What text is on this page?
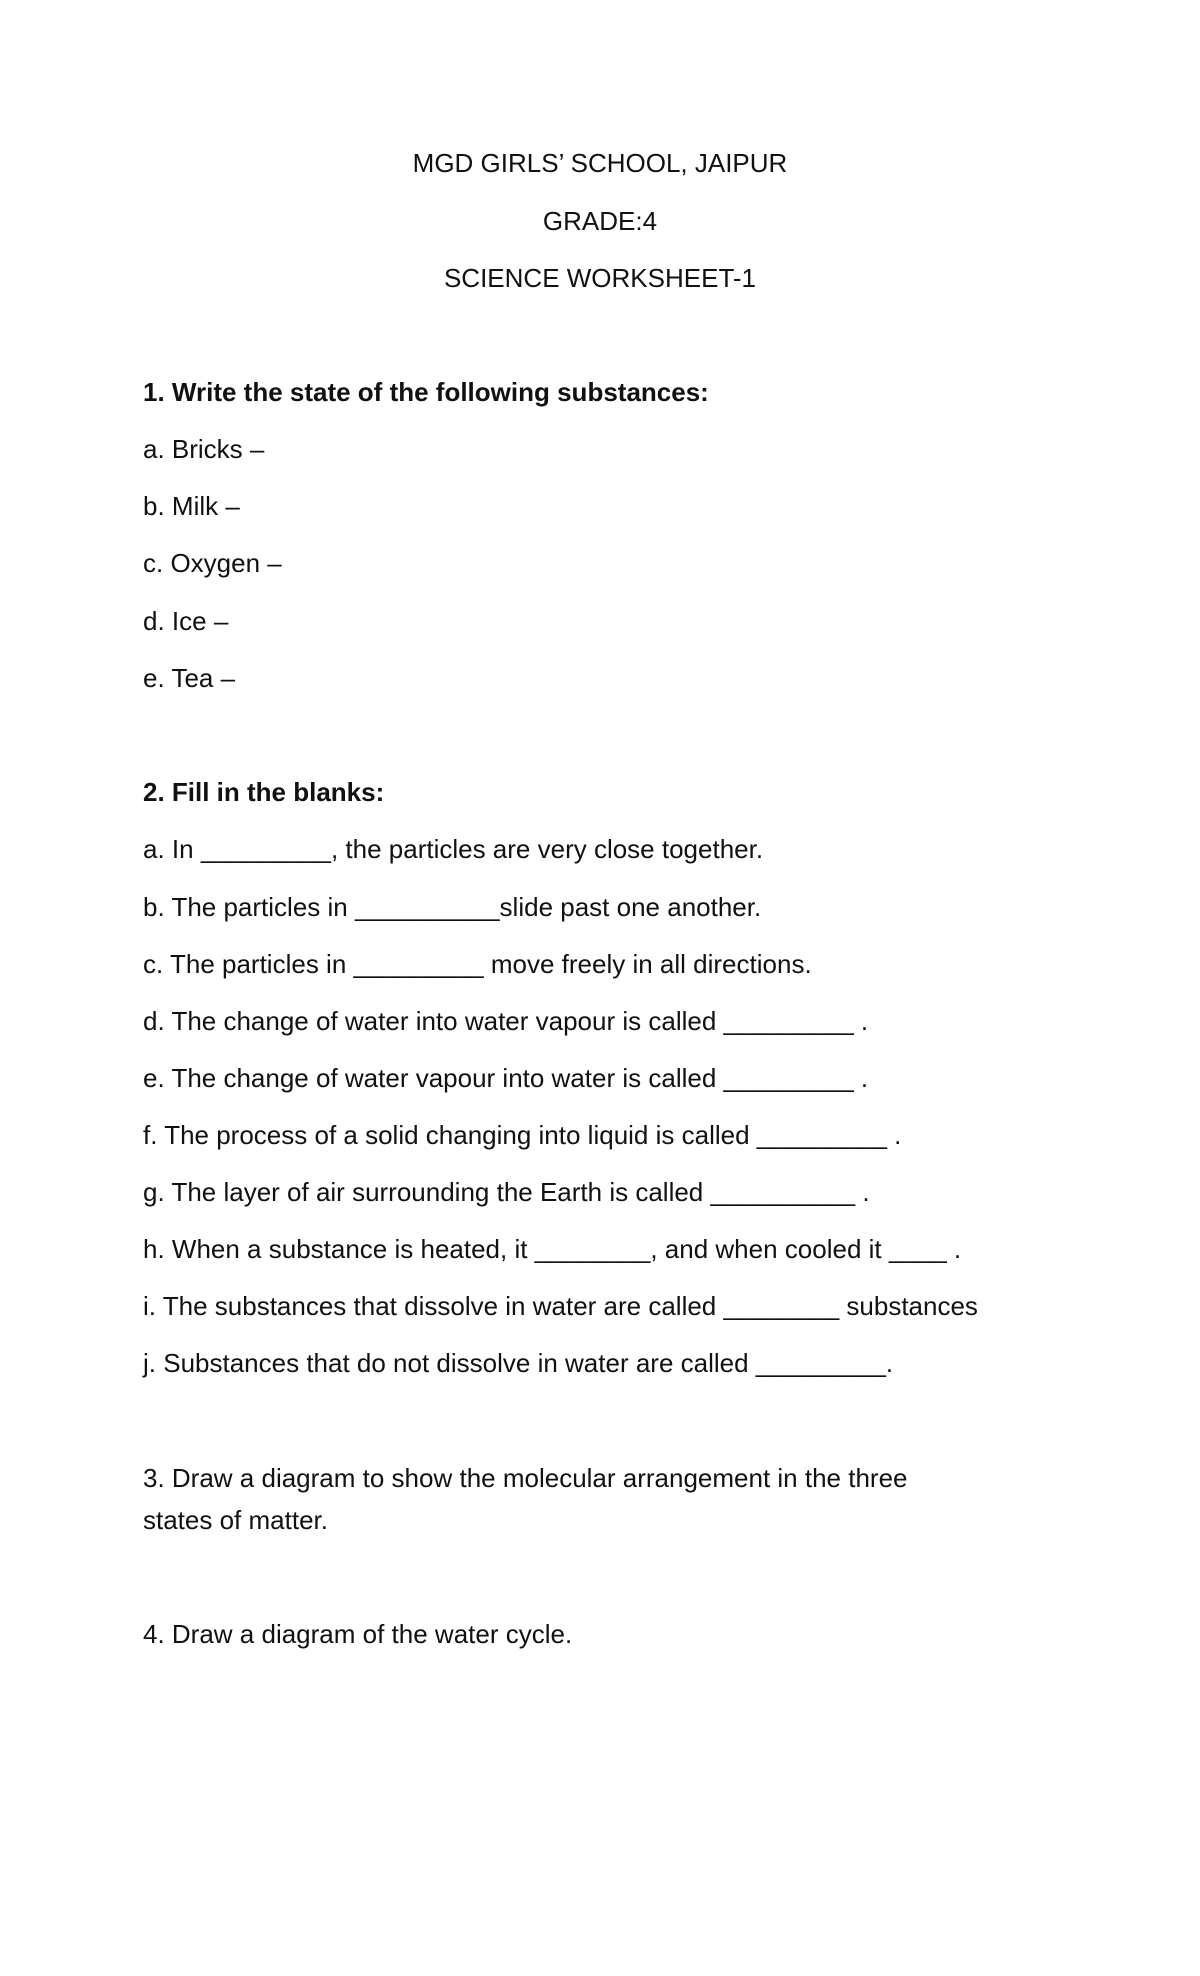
MGD GIRLS’ SCHOOL, JAIPUR
GRADE:4
SCIENCE WORKSHEET-1
1. Write the state of the following substances:
a. Bricks –
b. Milk –
c. Oxygen –
d. Ice –
e. Tea –
2. Fill in the blanks:
a. In _________, the particles are very close together.
b. The particles in __________slide past one another.
c. The particles in _________ move freely in all directions.
d. The change of water into water vapour is called _________ .
e. The change of water vapour into water is called _________ .
f. The process of a solid changing into liquid is called _________ .
g. The layer of air surrounding the Earth is called __________ .
h. When a substance is heated, it ________, and when cooled it ____ .
i. The substances that dissolve in water are called ________ substances
j. Substances that do not dissolve in water are called _________.
3. Draw a diagram to show the molecular arrangement in the three
states of matter.
4. Draw a diagram of the water cycle.
